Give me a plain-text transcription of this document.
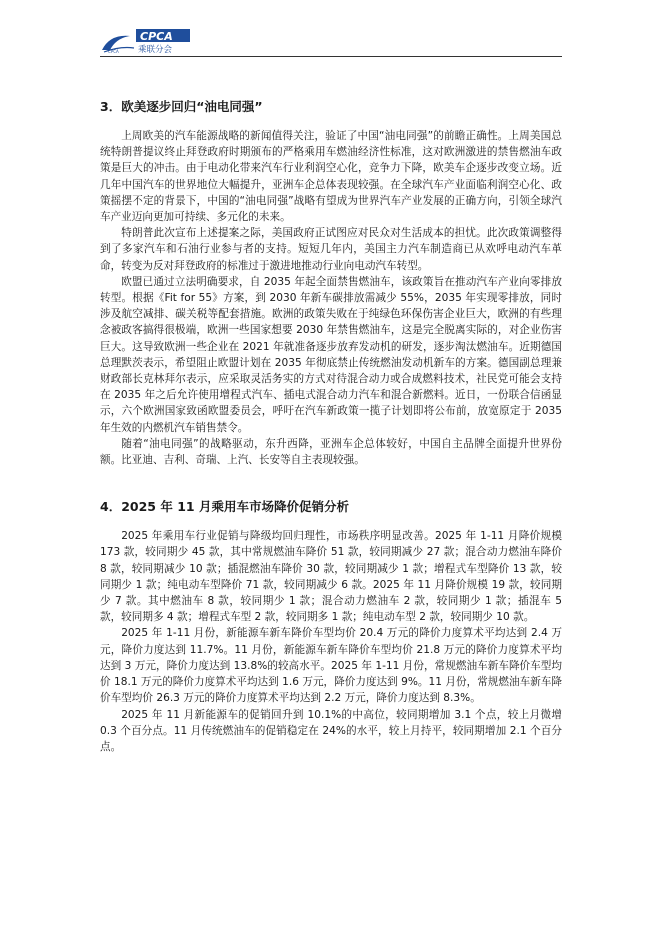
CPCA
CPCA
乘联分会
3．欧美逐步回归“油电同强”

上周欧美的汽车能源战略的新闻值得关注，验证了中国“油电同强”的前瞻正确性。上周美国总统特朗普提议终止拜登政府时期颁布的严格乘用车燃油经济性标准，这对欧洲激进的禁售燃油车政策是巨大的冲击。由于电动化带来汽车行业利润空心化，竞争力下降，欧美车企逐步改变立场。近几年中国汽车的世界地位大幅提升，亚洲车企总体表现较强。在全球汽车产业面临利润空心化、政策摇摆不定的背景下，中国的“油电同强”战略有望成为世界汽车产业发展的正确方向，引领全球汽车产业迈向更加可持续、多元化的未来。

特朗普此次宣布上述提案之际，美国政府正试图应对民众对生活成本的担忧。此次政策调整得到了多家汽车和石油行业参与者的支持。短短几年内，美国主力汽车制造商已从欢呼电动汽车革命，转变为反对拜登政府的标准过于激进地推动行业向电动汽车转型。

欧盟已通过立法明确要求，自 2035 年起全面禁售燃油车，该政策旨在推动汽车产业向零排放转型。根据《Fit for 55》方案，到 2030 年新车碳排放需减少 55%，2035 年实现零排放，同时涉及航空减排、碳关税等配套措施。欧洲的政策失败在于纯绿色环保伤害企业巨大，欧洲的有些理念被政客搞得很极端，欧洲一些国家想要 2030 年禁售燃油车，这是完全脱离实际的，对企业伤害巨大。这导致欧洲一些企业在 2021 年就准备逐步放弃发动机的研发，逐步淘汰燃油车。近期德国总理默茨表示，希望阻止欧盟计划在 2035 年彻底禁止传统燃油发动机新车的方案。德国副总理兼财政部长克林拜尔表示，应采取灵活务实的方式对待混合动力或合成燃料技术，社民党可能会支持在 2035 年之后允许使用增程式汽车、插电式混合动力汽车和混合新燃料。近日，一份联合信函显示，六个欧洲国家致函欧盟委员会，呼吁在汽车新政策一揽子计划即将公布前，放宽原定于 2035 年生效的内燃机汽车销售禁令。

随着“油电同强”的战略驱动，东升西降，亚洲车企总体较好，中国自主品牌全面提升世界份额。比亚迪、吉利、奇瑞、上汽、长安等自主表现较强。

4．2025 年 11 月乘用车市场降价促销分析

2025 年乘用车行业促销与降级均回归理性，市场秩序明显改善。2025 年 1-11 月降价规模 173 款，较同期少 45 款，其中常规燃油车降价 51 款，较同期减少 27 款；混合动力燃油车降价 8 款，较同期减少 10 款；插混燃油车降价 30 款，较同期减少 1 款；增程式车型降价 13 款，较同期少 1 款；纯电动车型降价 71 款，较同期减少 6 款。2025 年 11 月降价规模 19 款，较同期少 7 款。其中燃油车 8 款，较同期少 1 款；混合动力燃油车 2 款，较同期少 1 款；插混车 5 款，较同期多 4 款；增程式车型 2 款，较同期多 1 款；纯电动车型 2 款，较同期少 10 款。

2025 年 1-11 月份，新能源车新车降价车型均价 20.4 万元的降价力度算术平均达到 2.4 万元，降价力度达到 11.7%。11 月份，新能源车新车降价车型均价 21.8 万元的降价力度算术平均达到 3 万元，降价力度达到 13.8%的较高水平。2025 年 1-11 月份，常规燃油车新车降价车型均价 18.1 万元的降价力度算术平均达到 1.6 万元，降价力度达到 9%。11 月份，常规燃油车新车降价车型均价 26.3 万元的降价力度算术平均达到 2.2 万元，降价力度达到 8.3%。

2025 年 11 月新能源车的促销回升到 10.1%的中高位，较同期增加 3.1 个点，较上月微增 0.3 个百分点。11 月传统燃油车的促销稳定在 24%的水平，较上月持平，较同期增加 2.1 个百分点。
